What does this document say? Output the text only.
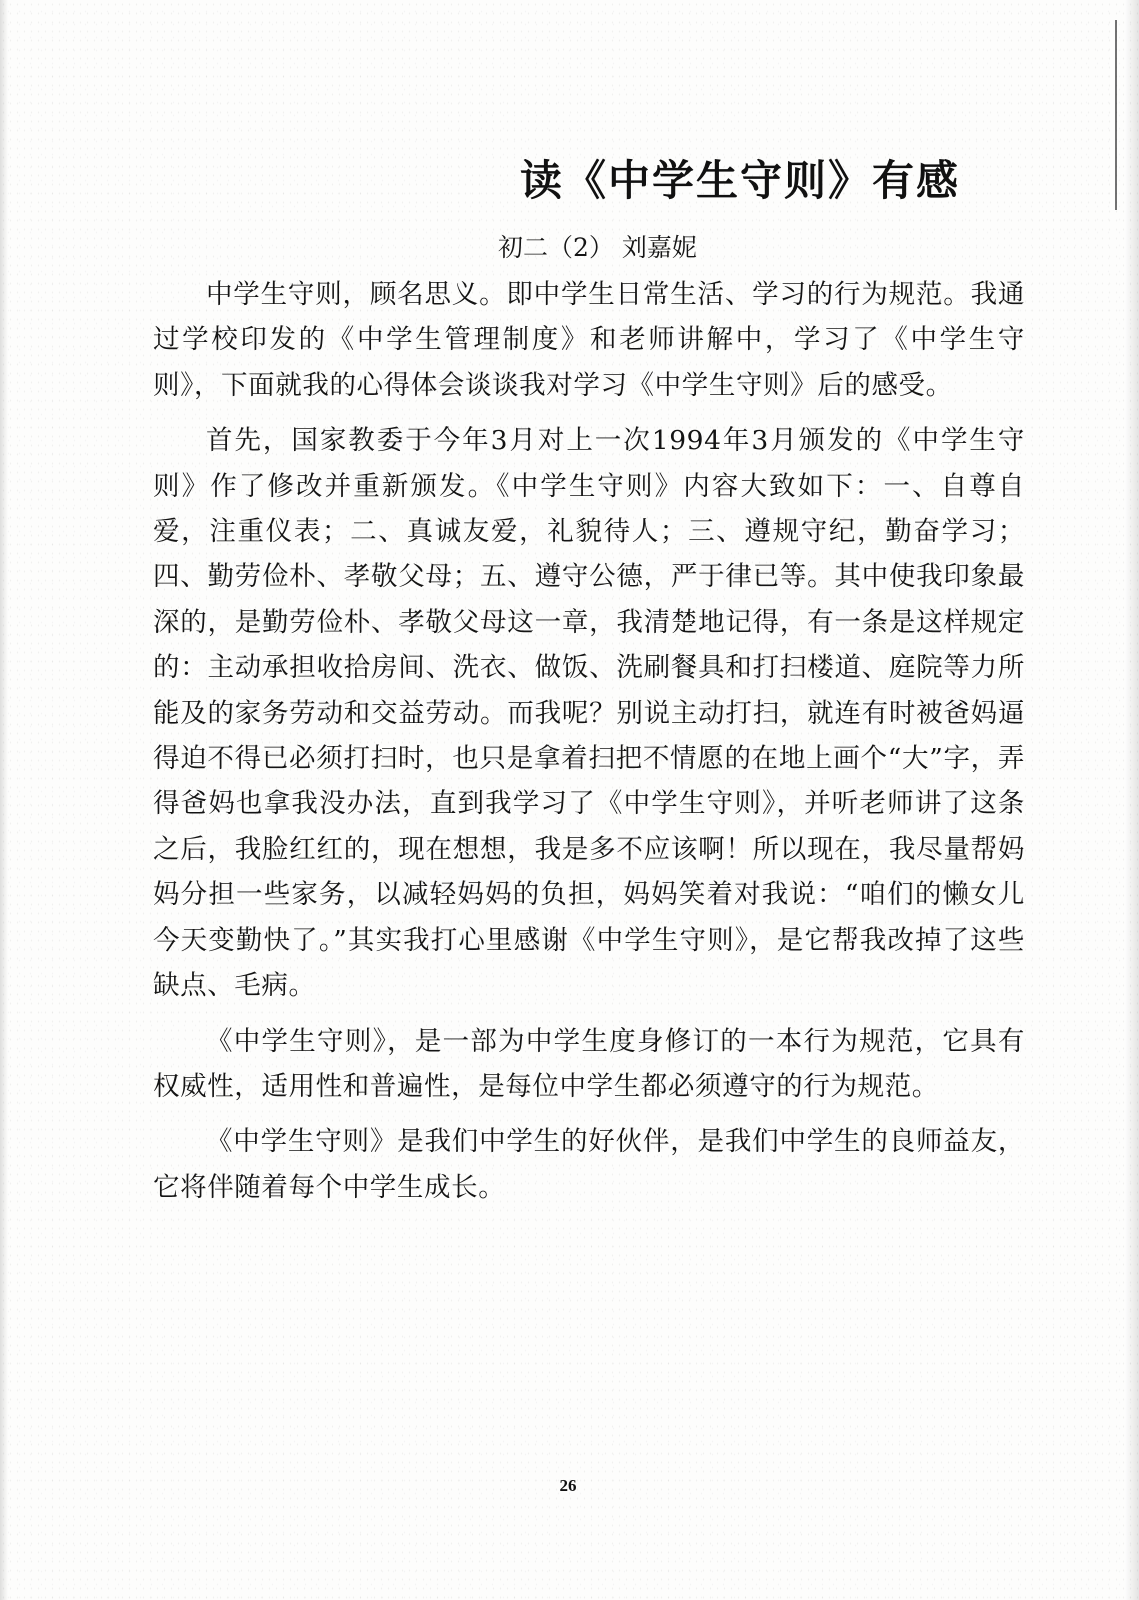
读《中学生守则》有感
初二（2） 刘嘉妮

中学生守则，顾名思义。即中学生日常生活、学习的行为规范。我通过学校印发的《中学生管理制度》和老师讲解中，学习了《中学生守则》，下面就我的心得体会谈谈我对学习《中学生守则》后的感受。

首先，国家教委于今年3月对上一次1994年3月颁发的《中学生守则》作了修改并重新颁发。《中学生守则》内容大致如下：一、自尊自爱，注重仪表；二、真诚友爱，礼貌待人；三、遵规守纪，勤奋学习；四、勤劳俭朴、孝敬父母；五、遵守公德，严于律已等。其中使我印象最深的，是勤劳俭朴、孝敬父母这一章，我清楚地记得，有一条是这样规定的：主动承担收拾房间、洗衣、做饭、洗刷餐具和打扫楼道、庭院等力所能及的家务劳动和交益劳动。而我呢？别说主动打扫，就连有时被爸妈逼得迫不得已必须打扫时，也只是拿着扫把不情愿的在地上画个“大”字，弄得爸妈也拿我没办法，直到我学习了《中学生守则》，并听老师讲了这条之后，我脸红红的，现在想想，我是多不应该啊！所以现在，我尽量帮妈妈分担一些家务，以减轻妈妈的负担，妈妈笑着对我说：“咱们的懒女儿今天变勤快了。”其实我打心里感谢《中学生守则》，是它帮我改掉了这些缺点、毛病。

《中学生守则》，是一部为中学生度身修订的一本行为规范，它具有权威性，适用性和普遍性，是每位中学生都必须遵守的行为规范。

《中学生守则》是我们中学生的好伙伴，是我们中学生的良师益友，它将伴随着每个中学生成长。

26
